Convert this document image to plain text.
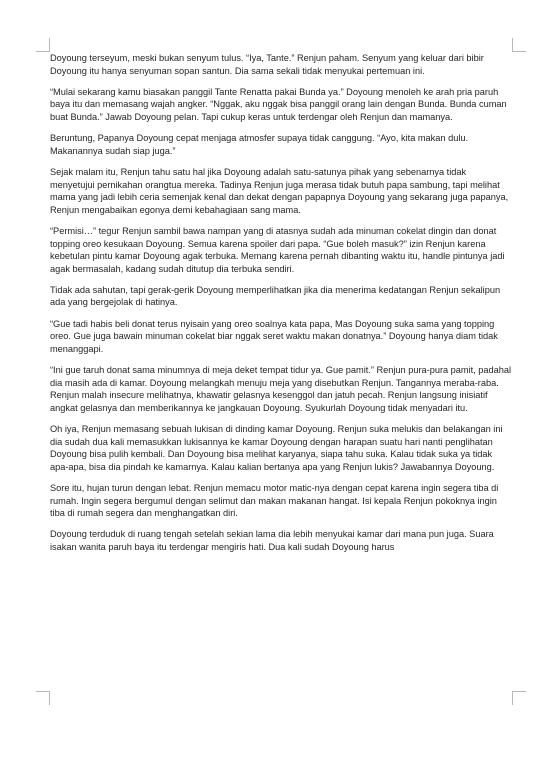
Doyoung terseyum, meski bukan senyum tulus. “Iya, Tante.” Renjun paham. Senyum yang keluar dari bibir Doyoung itu hanya senyuman sopan santun. Dia sama sekali tidak menyukai pertemuan ini.

“Mulai sekarang kamu biasakan panggil Tante Renatta pakai Bunda ya.” Doyoung menoleh ke arah pria paruh baya itu dan memasang wajah angker. “Nggak, aku nggak bisa panggil orang lain dengan Bunda. Bunda cuman buat Bunda.” Jawab Doyoung pelan. Tapi cukup keras untuk terdengar oleh Renjun dan mamanya.

Beruntung, Papanya Doyoung cepat menjaga atmosfer supaya tidak canggung. “Ayo, kita makan dulu. Makanannya sudah siap juga.”

Sejak malam itu, Renjun tahu satu hal jika Doyoung adalah satu-satunya pihak yang sebenarnya tidak menyetujui pernikahan orangtua mereka. Tadinya Renjun juga merasa tidak butuh papa sambung, tapi melihat mama yang jadi lebih ceria semenjak kenal dan dekat dengan papapnya Doyoung yang sekarang juga papanya, Renjun mengabaikan egonya demi kebahagiaan sang mama.

“Permisi…” tegur Renjun sambil bawa nampan yang di atasnya sudah ada minuman cokelat dingin dan donat topping oreo kesukaan Doyoung. Semua karena spoiler dari papa. “Gue boleh masuk?” izin Renjun karena kebetulan pintu kamar Doyoung agak terbuka. Memang karena pernah dibanting waktu itu, handle pintunya jadi agak bermasalah, kadang sudah ditutup dia terbuka sendiri.

Tidak ada sahutan, tapi gerak-gerik Doyoung memperlihatkan jika dia menerima kedatangan Renjun sekalipun ada yang bergejolak di hatinya.

“Gue tadi habis beli donat terus nyisain yang oreo soalnya kata papa, Mas Doyoung suka sama yang topping oreo. Gue juga bawain minuman cokelat biar nggak seret waktu makan donatnya.” Doyoung hanya diam tidak menanggapi.

“Ini gue taruh donat sama minumnya di meja deket tempat tidur ya. Gue pamit.” Renjun pura-pura pamit, padahal dia masih ada di kamar. Doyoung melangkah menuju meja yang disebutkan Renjun. Tangannya meraba-raba. Renjun malah insecure melihatnya, khawatir gelasnya kesenggol dan jatuh pecah. Renjun langsung inisiatif angkat gelasnya dan memberikannya ke jangkauan Doyoung. Syukurlah Doyoung tidak menyadari itu.

Oh iya, Renjun memasang sebuah lukisan di dinding kamar Doyoung. Renjun suka melukis dan belakangan ini dia sudah dua kali memasukkan lukisannya ke kamar Doyoung dengan harapan suatu hari nanti penglihatan Doyoung bisa pulih kembali. Dan Doyoung bisa melihat karyanya, siapa tahu suka. Kalau tidak suka ya tidak apa-apa, bisa dia pindah ke kamarnya. Kalau kalian bertanya apa yang Renjun lukis? Jawabannya Doyoung.

Sore itu, hujan turun dengan lebat. Renjun memacu motor matic-nya dengan cepat karena ingin segera tiba di rumah. Ingin segera bergumul dengan selimut dan makan makanan hangat. Isi kepala Renjun pokoknya ingin tiba di rumah segera dan menghangatkan diri.

Doyoung terduduk di ruang tengah setelah sekian lama dia lebih menyukai kamar dari mana pun juga. Suara isakan wanita paruh baya itu terdengar mengiris hati. Dua kali sudah Doyoung harus
